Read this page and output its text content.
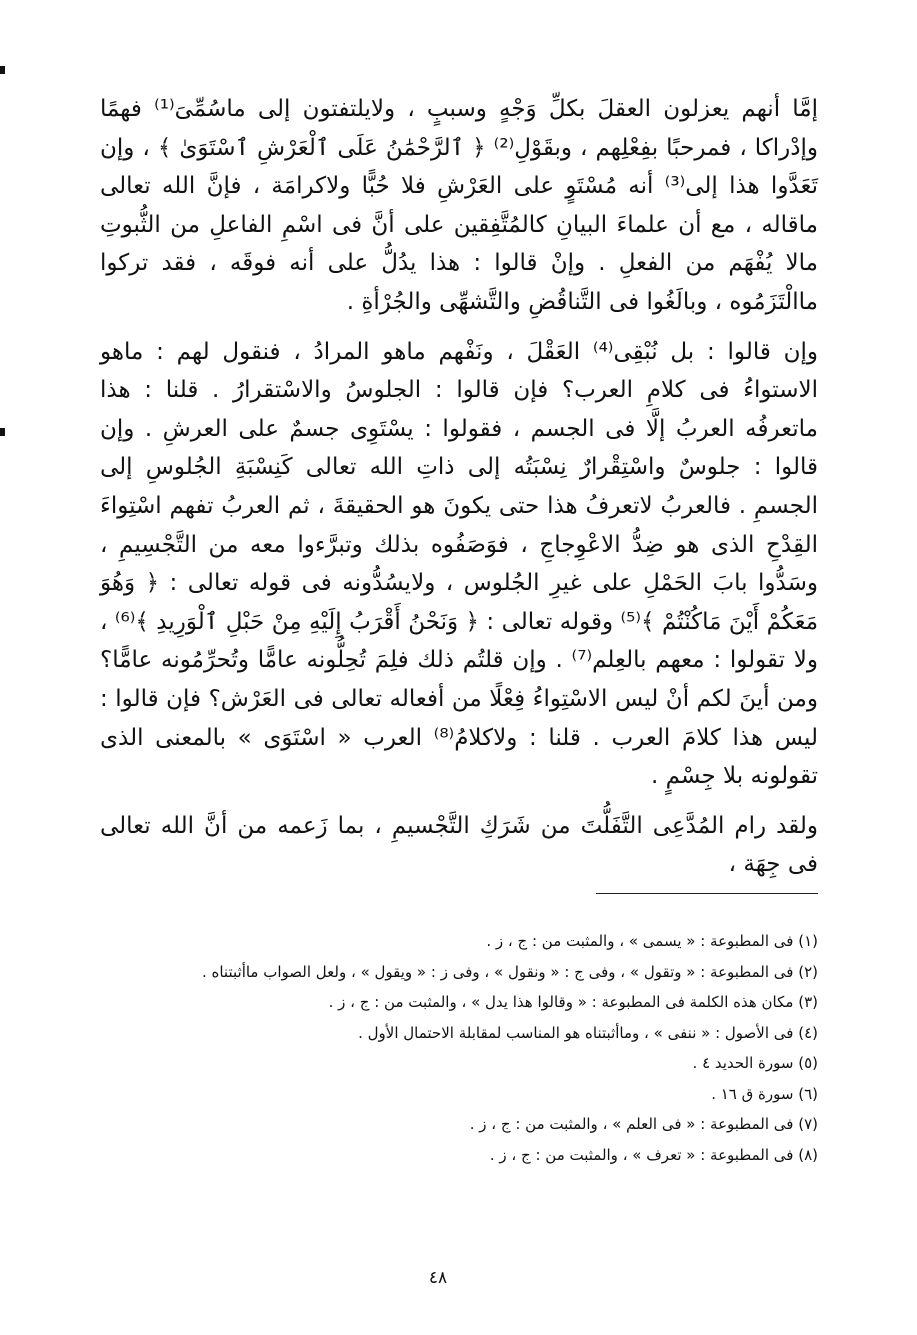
إمَّا أنهم يعزلون العقلَ بكلِّ وَجْهٍ وسببٍ ، ولايلتفتون إلى ماسُمِّىَ⁽¹⁾ فهمًا وإدْراكا ، فمرحبًا بفِعْلِهم ، وبقَوْلِ⁽²⁾ ﴿ ٱلرَّحْمَٰنُ عَلَى ٱلْعَرْشِ ٱسْتَوَىٰ ﴾ ، وإن تَعَدَّوا هذا إلى⁽³⁾ أنه مُسْتَوٍ على العَرْشِ فلا حُبًّا ولاكرامَة ، فإنَّ الله تعالى ماقاله ، مع أن علماءَ البيانِ كالمُتَّفِقين على أنَّ فى اسْمِ الفاعلِ من الثُّبوتِ مالا يُفْهَم من الفعلِ . وإنْ قالوا : هذا يدُلُّ على أنه فوقَه ، فقد تركوا ماالْتَزَمُوه ، وبالَغُوا فى التَّناقُضِ والتَّشهِّى والجُرْأةِ .

وإن قالوا : بل نُبْقِى⁽⁴⁾ العَقْلَ ، ونَفْهم ماهو المرادُ ، فنقول لهم : ماهو الاستواءُ فى كلامِ العرب؟ فإن قالوا : الجلوسُ والاسْتقرارُ . قلنا : هذا ماتعرفُه العربُ إلَّا فى الجسم ، فقولوا : يسْتَوِى جسمٌ على العرشِ . وإن قالوا : جلوسٌ واسْتِقْرارٌ نِسْبَتُه إلى ذاتِ الله تعالى كَنِسْبَةِ الجُلوسِ إلى الجسمِ . فالعربُ لاتعرفُ هذا حتى يكونَ هو الحقيقةَ ، ثم العربُ تفهم اسْتِواءَ القِدْحِ الذى هو ضِدُّ الاعْوِجاجِ ، فوَصَفُوه بذلك وتبرَّءوا معه من التَّجْسِيمِ ، وسَدُّوا بابَ الحَمْلِ على غيرِ الجُلوس ، ولايسُدُّونه فى قوله تعالى : ﴿ وَهُوَ مَعَكُمْ أَيْنَ مَاكُنْتُمْ ﴾⁽⁵⁾ وقوله تعالى : ﴿ وَنَحْنُ أَقْرَبُ إِلَيْهِ مِنْ حَبْلِ ٱلْوَرِيدِ ﴾⁽⁶⁾ ، ولا تقولوا : معهم بالعِلم⁽⁷⁾ . وإن قلتُم ذلك فلِمَ تُحِلُّونه عامًّا وتُحرِّمُونه عامًّا؟ ومن أينَ لكم أنْ ليس الاسْتِواءُ فِعْلًا من أفعاله تعالى فى العَرْش؟ فإن قالوا : ليس هذا كلامَ العرب . قلنا : ولاكلامُ⁽⁸⁾ العرب « اسْتَوَى » بالمعنى الذى تقولونه بلا جِسْمٍ .

ولقد رام المُدَّعِى التَّفَلُّتَ من شَرَكِ التَّجْسيمِ ، بما زَعمه من أنَّ الله تعالى فى جِهَة ،

(١) فى المطبوعة : « يسمى » ، والمثبت من : ج ، ز .
(٢) فى المطبوعة : « وتقول » ، وفى ج : « ونقول » ، وفى ز : « ويقول » ، ولعل الصواب ماأثبتناه .
(٣) مكان هذه الكلمة فى المطبوعة : « وقالوا هذا يدل » ، والمثبت من : ج ، ز .
(٤) فى الأصول : « ننفى » ، وماأثبتناه هو المناسب لمقابلة الاحتمال الأول .
(٥) سورة الحديد ٤ .
(٦) سورة ق ١٦ .
(٧) فى المطبوعة : « فى العلم » ، والمثبت من : ج ، ز .
(٨) فى المطبوعة : « تعرف » ، والمثبت من : ج ، ز .
٤٨
